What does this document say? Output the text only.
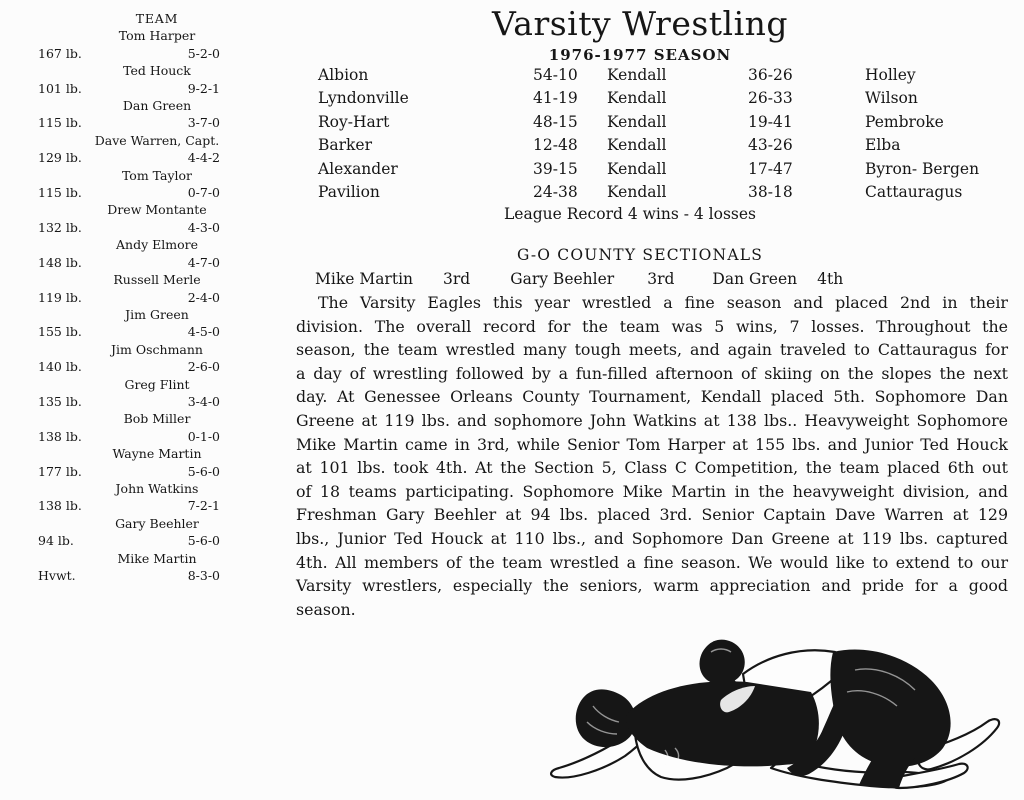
TEAM
Tom Harper
167 lb.	5-2-0
Ted Houck
101 lb.	9-2-1
Dan Green
115 lb.	3-7-0
Dave Warren, Capt.
129 lb.	4-4-2
Tom Taylor
115 lb.	0-7-0
Drew Montante
132 lb.	4-3-0
Andy Elmore
148 lb.	4-7-0
Russell Merle
119 lb.	2-4-0
Jim Green
155 lb.	4-5-0
Jim Oschmann
140 lb.	2-6-0
Greg Flint
135 lb.	3-4-0
Bob Miller
138 lb.	0-1-0
Wayne Martin
177 lb.	5-6-0
John Watkins
138 lb.	7-2-1
Gary Beehler
94 lb.	5-6-0
Mike Martin
Hvwt.	8-3-0
Varsity Wrestling
1976-1977 SEASON
Albion	54-10	Kendall	36-26	Holley
Lyndonville	41-19	Kendall	26-33	Wilson
Roy-Hart	48-15	Kendall	19-41	Pembroke
Barker	12-48	Kendall	43-26	Elba
Alexander	39-15	Kendall	17-47	Byron- Bergen
Pavilion	24-38	Kendall	38-18	Cattauragus
League Record 4 wins - 4 losses
G-O COUNTY SECTIONALS
Mike Martin 3rd	Gary Beehler 3rd Dan Green 4th
The Varsity Eagles this year wrestled a fine season and placed 2nd in their division. The overall record for the team was 5 wins, 7 losses. Throughout the season, the team wrestled many tough meets, and again traveled to Cattauragus for a day of wrestling followed by a fun-filled afternoon of skiing on the slopes the next day. At Genessee Orleans County Tournament, Kendall placed 5th. Sophomore Dan Greene at 119 lbs. and sophomore John Watkins at 138 lbs.. Heavyweight Sophomore Mike Martin came in 3rd, while Senior Tom Harper at 155 lbs. and Junior Ted Houck at 101 lbs. took 4th. At the Section 5, Class C Competition, the team placed 6th out of 18 teams participating. Sophomore Mike Martin in the heavyweight division, and Freshman Gary Beehler at 94 lbs. placed 3rd. Senior Captain Dave Warren at 129 lbs., Junior Ted Houck at 110 lbs., and Sophomore Dan Greene at 119 lbs. captured 4th. All members of the team wrestled a fine season. We would like to extend to our Varsity wrestlers, especially the seniors, warm appreciation and pride for a good season.
